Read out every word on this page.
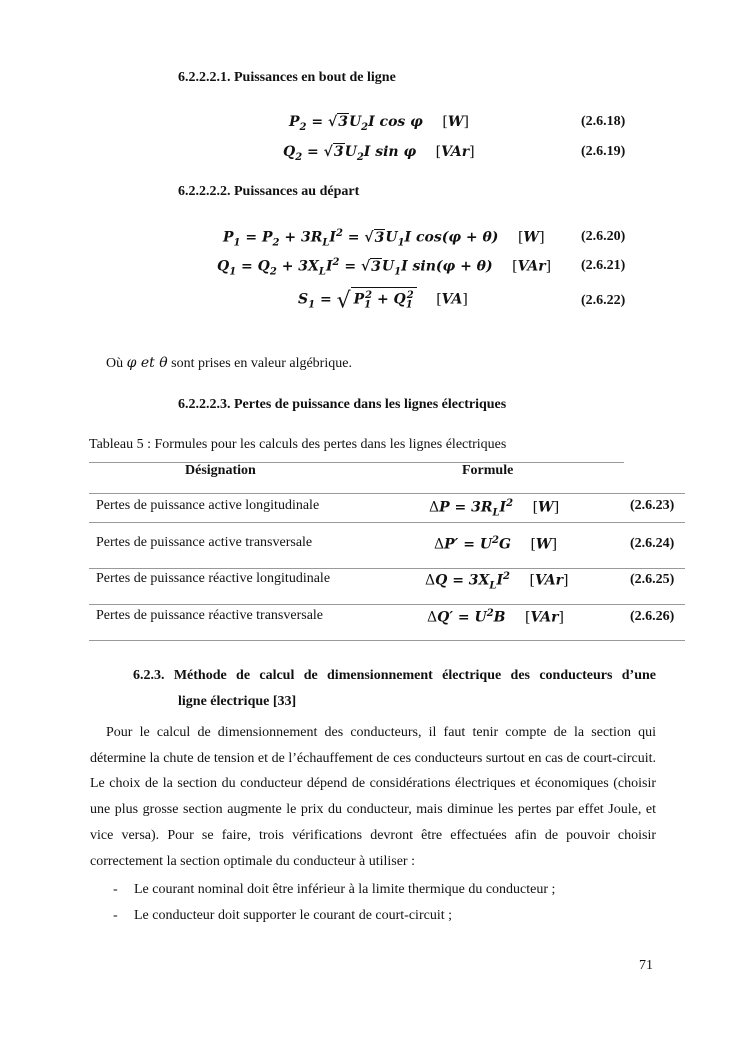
6.2.2.2.1. Puissances en bout de ligne
$P_2 = √3U_2I$ cos φ    [W]	(2.6.18)
$Q_2 = √3U_2I$ sin φ    [VAr]	(2.6.19)
6.2.2.2.2. Puissances au départ
$P_1 = P_2 + 3R_LI^2 = √3U_1I$ cos(φ + θ)    [W]	(2.6.20)
$Q_1 = Q_2 + 3X_LI^2 = √3U_1I$ sin(φ + θ)    [VAr] (2.6.21)
$S_1$ = √ $P_1^2 + Q_1^2$ [VA]	(2.6.22)
Où φ et θ sont prises en valeur algébrique.
6.2.2.2.3. Pertes de puissance dans les lignes électriques
Tableau 5 : Formules pour les calculs des pertes dans les lignes électriques
Désignation	Formule
Pertes de puissance active longitudinale	$\Delta P = 3R_LI^2$ [W]	(2.6.23)
Pertes de puissance active transversale	$\Delta P' = U^2G$    [W]	(2.6.24)
Pertes de puissance réactive longitudinale	$\Delta Q = 3X_LI^2$ [VAr]	(2.6.25)
Pertes de puissance réactive transversale	$\Delta Q' = U^2B$    [VAr]	(2.6.26)
6.2.3. Méthode de calcul de dimensionnement électrique des conducteurs d’une
ligne électrique [33]
Pour le calcul de dimensionnement des conducteurs, il faut tenir compte de la section qui détermine la chute de tension et de l’échauffement de ces conducteurs surtout en cas de court-circuit. Le choix de la section du conducteur dépend de considérations électriques et économiques (choisir une plus grosse section augmente le prix du conducteur, mais diminue les pertes par effet Joule, et vice versa). Pour se faire, trois vérifications devront être effectuées afin de pouvoir choisir correctement la section optimale du conducteur à utiliser :
- Le courant nominal doit être inférieur à la limite thermique du conducteur ;
- Le conducteur doit supporter le courant de court-circuit ;
71
